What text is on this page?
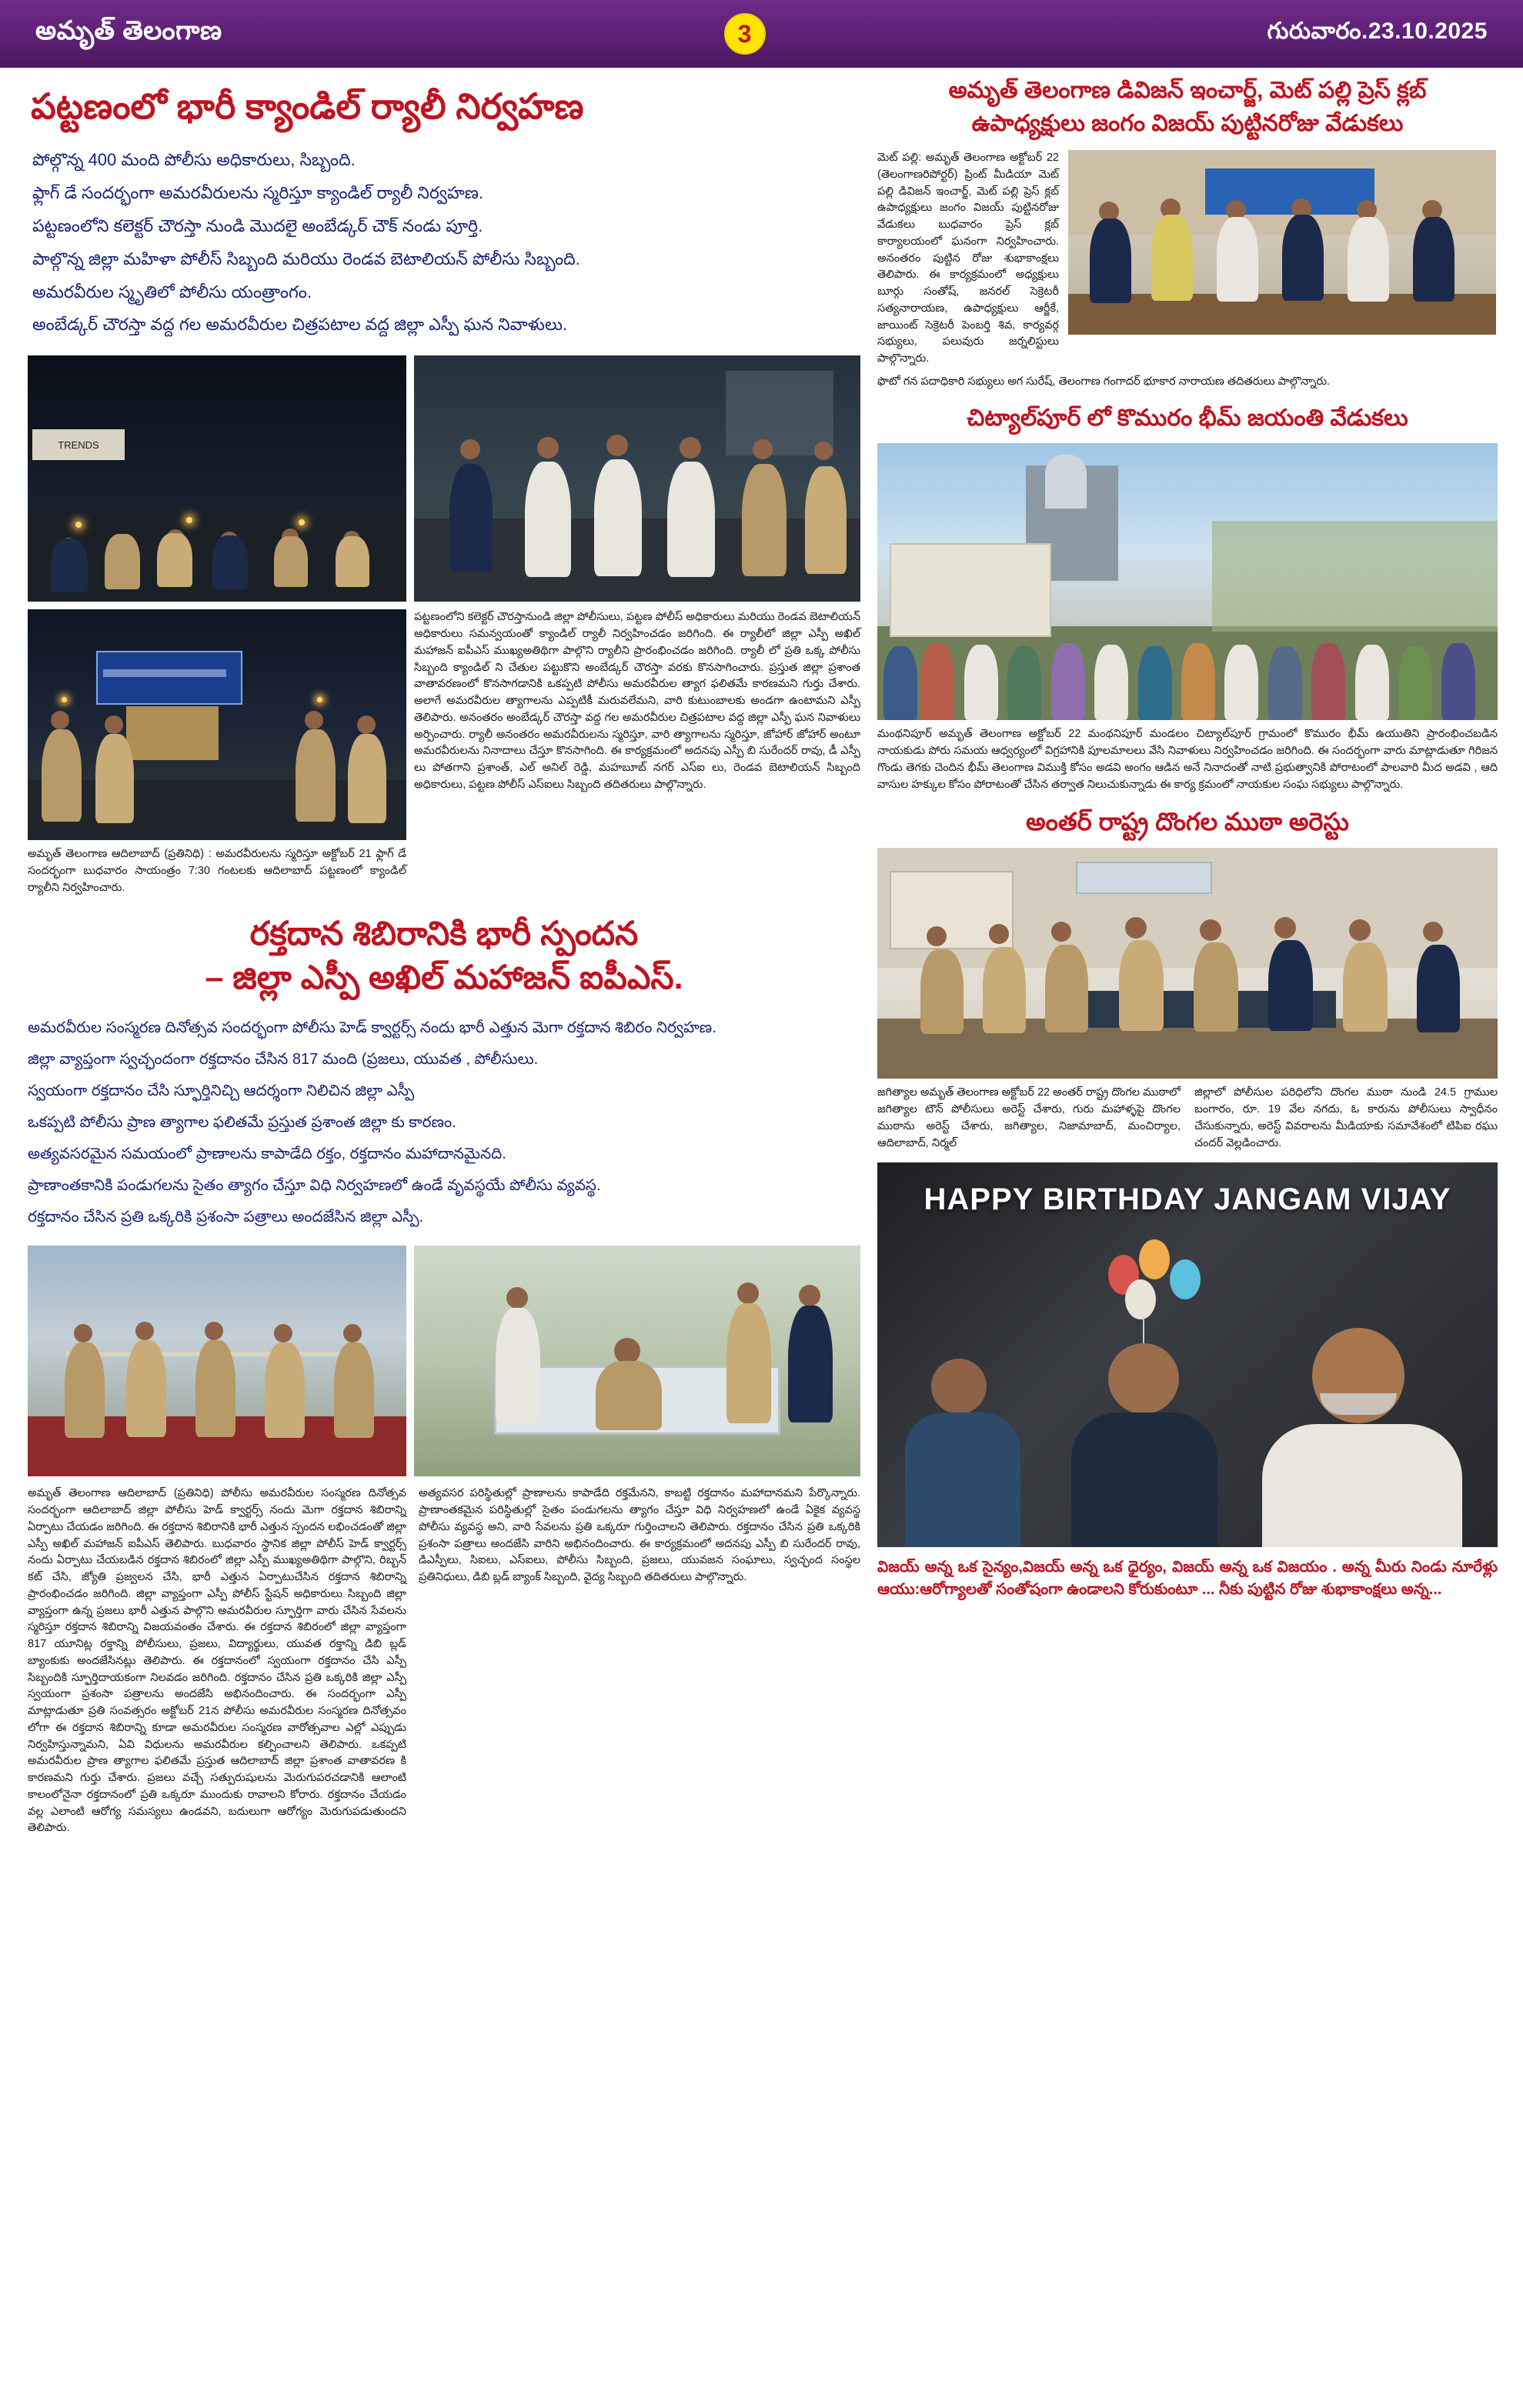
అమృత్ తెలంగాణ	3	గురువారం.23.10.2025
పట్టణంలో భారీ క్యాండిల్ ర్యాలీ నిర్వహణ
పోల్గొన్న 400 మంది పోలీసు అధికారులు, సిబ్బంది.
ఫ్లాగ్ డే సందర్భంగా అమరవీరులను స్మరిస్తూ క్యాండిల్ ర్యాలీ నిర్వహణ.
పట్టణంలోని కలెక్టర్ చౌరస్తా నుండి మొదలై అంబేడ్కర్ చౌక్ నండు పూర్తి.
పాల్గొన్న జిల్లా మహిళా పోలీస్ సిబ్బంది మరియు రెండవ బెటాలియన్ పోలీసు సిబ్బంది.
అమరవీరుల స్మృతిలో పోలీసు యంత్రాంగం.
అంబేడ్కర్ చౌరస్తా వద్ద గల అమరవీరుల చిత్రపటాల వద్ద జిల్లా ఎస్పీ ఘన నివాళులు.
TRENDS
పట్టణంలోని కలెక్టర్ చౌరస్తానుండి జిల్లా పోలీసులు, పట్టణ పోలీస్ అధికారులు మరియు రెండవ బెటాలియన్ అధికారులు సమన్వయంతో క్యాండిల్ ర్యాలీ నిర్వహించడం జరిగింది. ఈ ర్యాలీలో జిల్లా ఎస్పీ అఖిల్ మహాజన్ ఐపీఎస్ ముఖ్యఅతిథిగా పాల్గొని ర్యాలీని ప్రారంభించడం జరిగింది. ర్యాలీ లో ప్రతి ఒక్క పోలీసు సిబ్బంది క్యాండిల్ ని చేతుల పట్టుకొని అంబేడ్కర్ చౌరస్తా వరకు కొనసాగించారు. ప్రస్తుత జిల్లా ప్రశాంత వాతావరణంలో కొనసాగడానికి ఒకప్పటి పోలీసు అమరవీరుల త్యాగ ఫలితమే కారణమని గుర్తు చేశారు. అలాగే అమరవీరుల త్యాగాలను ఎప్పటికీ మరువలేమని, వారి కుటుంబాలకు అండగా ఉంటామని ఎస్పీ తెలిపారు. అనంతరం అంబేడ్కర్ చౌరస్తా వద్ద గల అమరవీరుల చిత్రపటాల వద్ద జిల్లా ఎస్పీ ఘన నివాళులు అర్పించారు. ర్యాలీ అనంతరం అమరవీరులను స్మరిస్తూ, వారి త్యాగాలను స్మరిస్తూ, జోహార్ జోహార్ అంటూ అమరవీరులను నినాదాలు చేస్తూ కొనసాగింది. ఈ కార్యక్రమంలో అదనపు ఎస్పీ బి సురేందర్ రావు, డీ ఎస్పీ లు పోతగాని ప్రశాంత్, ఎల్ అనిల్ రెడ్డి, మహబూబ్ నగర్ ఎస్ఐ లు, రెండవ బెటాలియన్ సిబ్బంది అధికారులు, పట్టణ పోలీస్ ఎస్ఐలు సిబ్బంది తదితరులు పాల్గొన్నారు.
అమృత్ తెలంగాణ ఆదిలాబాద్ (ప్రతినిధి) : అమరవీరులను స్మరిస్తూ అక్టోబర్ 21 ఫ్లాగ్ డే సందర్భంగా బుధవారం సాయంత్రం 7:30 గంటలకు ఆదిలాబాద్ పట్టణంలో క్యాండిల్ ర్యాలీని నిర్వహించారు.
రక్తదాన శిబిరానికి భారీ స్పందన
– జిల్లా ఎస్పీ అఖిల్ మహాజన్ ఐపీఎస్.
అమరవీరుల సంస్మరణ దినోత్సవ సందర్భంగా పోలీసు హెడ్ క్వార్టర్స్ నందు భారీ ఎత్తున మెగా రక్తదాన శిబిరం నిర్వహణ.
జిల్లా వ్యాప్తంగా స్వచ్ఛందంగా రక్తదానం చేసిన 817 మంది (ప్రజలు, యువత , పోలీసులు.
స్వయంగా రక్తదానం చేసి స్ఫూర్తినిచ్చి ఆదర్శంగా నిలిచిన జిల్లా ఎస్పీ
ఒకప్పటి పోలీసు ప్రాణ త్యాగాల ఫలితమే ప్రస్తుత ప్రశాంత జిల్లా కు కారణం.
అత్యవసరమైన సమయంలో ప్రాణాలను కాపాడేది రక్తం, రక్తదానం మహాదానమైనది.
ప్రాణాంతకానికి పండుగలను సైతం త్యాగం చేస్తూ విధి నిర్వహణలో ఉండే వృవస్థయే పోలీసు వ్యవస్థ.
రక్తదానం చేసిన ప్రతి ఒక్కరికి ప్రశంసా పత్రాలు అందజేసిన జిల్లా ఎస్పీ.
అమృత్ తెలంగాణ ఆదిలాబాద్ (ప్రతినిధి) పోలీసు అమరవీరుల సంస్మరణ దినోత్సవ సందర్భంగా ఆదిలాబాద్ జిల్లా పోలీసు హెడ్ క్వార్టర్స్ నందు మెగా రక్తదాన శిబిరాన్ని ఏర్పాటు చేయడం జరిగింది. ఈ రక్తదాన శిబిరానికి భారీ ఎత్తున స్పందన లభించడంతో జిల్లా ఎస్పీ అఖిల్ మహాజన్ ఐపీఎస్ తెలిపారు. బుధవారం స్థానిక జిల్లా పోలీస్ హెడ్ క్వార్టర్స్ నందు ఏర్పాటు చేయబడిన రక్తదాన శిబిరంలో జిల్లా ఎస్పీ ముఖ్యఅతిథిగా పాల్గొని, రిబ్బన్ కట్ చేసి, జ్యోతి ప్రజ్వలన చేసి, భారీ ఎత్తున ఏర్పాటుచేసిన రక్తదాన శిబిరాన్ని ప్రారంభించడం జరిగింది. జిల్లా వ్యాప్తంగా ఎస్పీ పోలీస్ స్టేషన్ అధికారులు సిబ్బంది జిల్లా వ్యాప్తంగా ఉన్న ప్రజలు భారీ ఎత్తున పాల్గొని అమరవీరుల స్ఫూర్తిగా వారు చేసిన సేవలను స్మరిస్తూ రక్తదాన శిబిరాన్ని విజయవంతం చేశారు. ఈ రక్తదాన శిబిరంలో జిల్లా వ్యాప్తంగా 817 యూనిట్ల రక్తాన్ని పోలీసులు, ప్రజలు, విద్యార్థులు, యువత రక్తాన్ని డిబి బ్లడ్ బ్యాంకుకు అందజేసినట్లు తెలిపారు. ఈ రక్తదానంలో స్వయంగా రక్తదానం చేసి ఎస్పీ సిబ్బందికి స్ఫూర్తిదాయకంగా నిలవడం జరిగింది. రక్తదానం చేసిన ప్రతి ఒక్కరికి జిల్లా ఎస్పీ స్వయంగా ప్రశంసా పత్రాలను అందజేసి అభినందించారు. ఈ సందర్భంగా ఎస్పీ మాట్లాడుతూ ప్రతి సంవత్సరం అక్టోబర్ 21న పోలీసు అమరవీరుల సంస్మరణ దినోత్సవం లోగా ఈ రక్తదాన శిబిరాన్ని కూడా అమరవీరుల సంస్మరణ వారోత్సవాల ఎల్లో ఎప్పుడు నిర్వహిస్తున్నామని, ఏవి విధులను అమరవీరుల కల్పించాలని తెలిపారు. ఒకప్పటి అమరవీరుల ప్రాణ త్యాగాల ఫలితమే ప్రస్తుత ఆదిలాబాద్ జిల్లా ప్రశాంత వాతావరణ కి కారణమని గుర్తు చేశారు. ప్రజలు వచ్చే సత్పురుషులను మెరుగుపరచడానికి ఆలాంటి కాలంలోనైనా రక్తదానంలో ప్రతి ఒక్కరూ ముందుకు రావాలని కోరారు. రక్తదానం చేయడం వల్ల ఎలాంటి ఆరోగ్య సమస్యలు ఉండవని, బదులుగా ఆరోగ్యం మెరుగుపడుతుందని తెలిపారు.
అత్యవసర పరిస్థితుల్లో ప్రాణాలను కాపాడేది రక్తమేనని, కాబట్టి రక్తదానం మహాదానమని పేర్కొన్నారు. ప్రాణాంతకమైన పరిస్థితుల్లో సైతం పండుగలను త్యాగం చేస్తూ విధి నిర్వహణలో ఉండే ఏకైక వ్యవస్థ పోలీసు వ్యవస్థ అని, వారి సేవలను ప్రతి ఒక్కరూ గుర్తించాలని తెలిపారు. రక్తదానం చేసిన ప్రతి ఒక్కరికి ప్రశంసా పత్రాలు అందజేసి వారిని అభినందించారు. ఈ కార్యక్రమంలో అదనపు ఎస్పీ బి సురేందర్ రావు, డిఎస్పీలు, సిఐలు, ఎస్ఐలు, పోలీసు సిబ్బంది, ప్రజలు, యువజన సంఘాలు, స్వచ్ఛంద సంస్థల ప్రతినిధులు, డిబి బ్లడ్ బ్యాంక్ సిబ్బంది, వైద్య సిబ్బంది తదితరులు పాల్గొన్నారు.
అమృత్ తెలంగాణ డివిజన్ ఇంచార్జ్, మెట్ పల్లి ప్రెస్ క్లబ్
ఉపాధ్యక్షులు జంగం విజయ్ పుట్టినరోజు వేడుకలు
మెట్ పల్లి: అమృత్ తెలంగాణ అక్టోబర్ 22 (తెలంగాణరిపోర్టర్) ప్రింట్ మీడియా మెట్ పల్లి డివిజన్ ఇంచార్జ్, మెట్ పల్లి ప్రెస్ క్లబ్ ఉపాధ్యక్షులు జంగం విజయ్ పుట్టినరోజు వేడుకలు బుధవారం ప్రెస్ క్లబ్ కార్యాలయంలో ఘనంగా నిర్వహించారు. అనంతరం పుట్టిన రోజు శుభాకాంక్షలు తెలిపారు. ఈ కార్యక్రమంలో అధ్యక్షులు బూర్గు సంతోష్, జనరల్ సెక్రెటరీ సత్యనారాయణ, ఉపాధ్యక్షులు ఆర్జీకే, జాయింట్ సెక్రెటరీ పెంబర్తి శివ, కార్యవర్గ సభ్యులు, పలువురు జర్నలిస్టులు పాల్గొన్నారు.
ఫొటో గన పదాధికారి సభ్యులు అగ సురేష్, తెలంగాణ గంగాదర్ భూకార నారాయణ తదితరులు పాల్గొన్నారు.
చిట్యాల్‌పూర్ లో కొమురం భీమ్ జయంతి వేడుకలు
మంథనిపూర్ అమృత్ తెలంగాణ అక్టోబర్ 22 మంథనిపూర్ మండలం చిట్యాల్‌పూర్ గ్రామంలో కొమురం భీమ్ ఉయుతిని ప్రారంభించబడిన నాయకుడు పోరు సమయ ఆధ్వర్యంలో విగ్రహానికి పూలమాలలు వేసి నివాళులు నిర్వహించడం జరిగింది. ఈ సందర్భంగా వారు మాట్లాడుతూ గిరిజన గొండు తెగకు చెందిన భీమ్ తెలంగాణ విముక్తి కోసం అడవి అంగం ఆడిన అనే నినాదంతో నాటి ప్రభుత్వానికి పోరాటంలో పాలవారి మీద అడవి , ఆది వాసుల హక్కుల కోసం పోరాటంతో చేసిన తర్వాత నిలుచుకున్నాడు ఈ కార్య క్రమంలో నాయకుల సంఘ సభ్యులు పాల్గొన్నారు.
అంతర్ రాష్ట్ర దొంగల ముఠా అరెస్టు
జగిత్యాల అమృత్ తెలంగాణ అక్టోబర్ 22 అంతర్ రాష్ట్ర దొంగల ముఠాలో జగిత్యాల టౌన్ పోలీసులు అరెస్ట్ చేశారు, గురు మహాళ్ళపై దొంగల ముఠాను అరెస్ట్ చేశారు, జగిత్యాల, నిజామాబాద్, మంచిర్యాల, ఆదిలాబాద్, నిర్మల్
జిల్లాలో పోలీసుల పరిధిలోని దొంగల ముఠా నుండి 24.5 గ్రాముల బంగారం, రూ. 19 వేల నగదు, ఓ కారును పోలీసులు స్వాధీనం చేసుకున్నారు, అరెస్ట్ వివరాలను మీడియాకు సమావేశంలో టిపిఐ రఘు చందర్ వెల్లడించారు.
HAPPY BIRTHDAY JANGAM VIJAY
విజయ్ అన్న ఒక సైన్యం,విజయ్ అన్న ఒక ధైర్యం, విజయ్ అన్న ఒక విజయం . అన్న మీరు నిండు నూరేళ్లు ఆయు:ఆరోగ్యాలతో సంతోషంగా ఉండాలని కోరుకుంటూ ... నీకు పుట్టిన రోజు శుభాకాంక్షలు అన్న...
